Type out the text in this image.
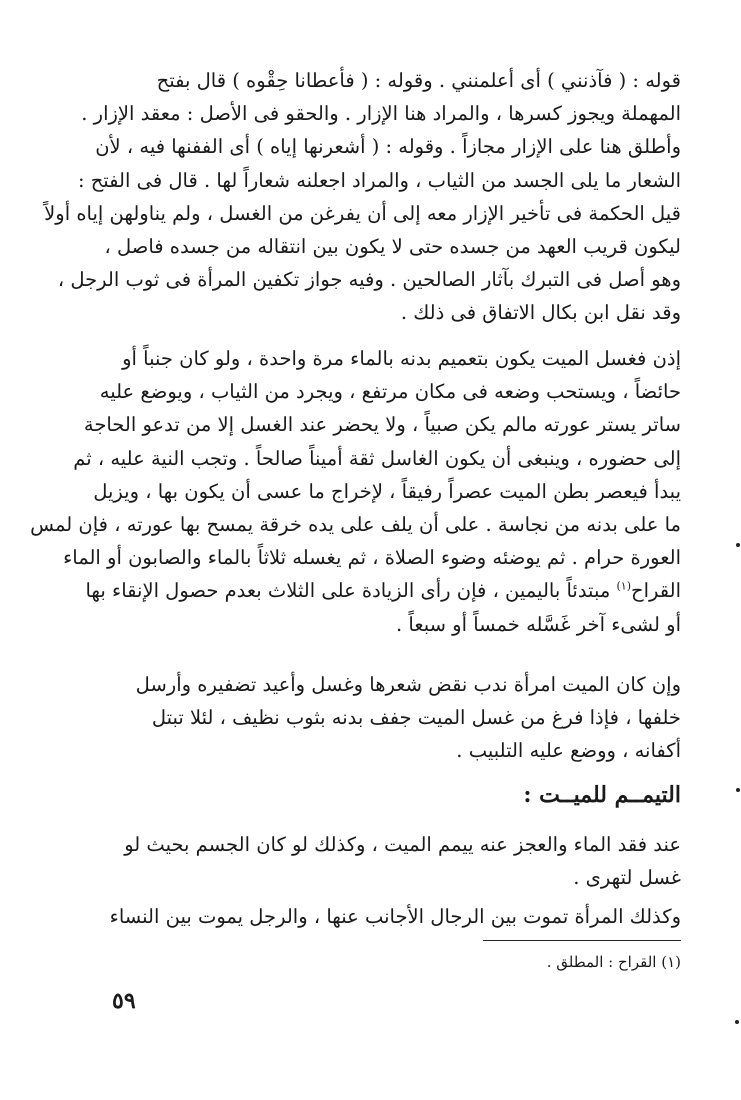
قوله : ( فآذنني ) أى أعلمنني . وقوله : ( فأعطانا حِقْوه ) قال بفتح
المهملة ويجوز كسرها ، والمراد هنا الإزار . والحقو فى الأصل : معقد الإزار .
وأطلق هنا على الإزار مجازاً . وقوله : ( أشعرنها إياه ) أى الففنها فيه ، لأن
الشعار ما يلى الجسد من الثياب ، والمراد اجعلنه شعاراً لها . قال فى الفتح :
قيل الحكمة فى تأخير الإزار معه إلى أن يفرغن من الغسل ، ولم يناولهن إياه أولاً
ليكون قريب العهد من جسده حتى لا يكون بين انتقاله من جسده فاصل ،
وهو أصل فى التبرك بآثار الصالحين . وفيه جواز تكفين المرأة فى ثوب الرجل ،
وقد نقل ابن بكال الاتفاق فى ذلك .
إذن فغسل الميت يكون بتعميم بدنه بالماء مرة واحدة ، ولو كان جنباً أو
حائضاً ، ويستحب وضعه فى مكان مرتفع ، ويجرد من الثياب ، ويوضع عليه
ساتر يستر عورته مالم يكن صبياً ، ولا يحضر عند الغسل إلا من تدعو الحاجة
إلى حضوره ، وينبغى أن يكون الغاسل ثقة أميناً صالحاً . وتجب النية عليه ، ثم
يبدأ فيعصر بطن الميت عصراً رفيقاً ، لإخراج ما عسى أن يكون بها ، ويزيل
ما على بدنه من نجاسة . على أن يلف على يده خرقة يمسح بها عورته ، فإن لمس
العورة حرام . ثم يوضئه وضوء الصلاة ، ثم يغسله ثلاثاً بالماء والصابون أو الماء
القراح$^{(١)}$ مبتدئاً باليمين ، فإن رأى الزيادة على الثلاث بعدم حصول الإنقاء بها
أو لشىء آخر غَسَّله خمساً أو سبعاً .
وإن كان الميت امرأة ندب نقض شعرها وغسل وأعيد تضفيره وأرسل
خلفها ، فإذا فرغ من غسل الميت جفف بدنه بثوب نظيف ، لئلا تبتل
أكفانه ، ووضع عليه التلبيب .
التيمــم للميــت :
عند فقد الماء والعجز عنه ييمم الميت ، وكذلك لو كان الجسم بحيث لو
غسل لتهرى .
وكذلك المرأة تموت بين الرجال الأجانب عنها ، والرجل يموت بين النساء
(١) القراح : المطلق .
٥٩
